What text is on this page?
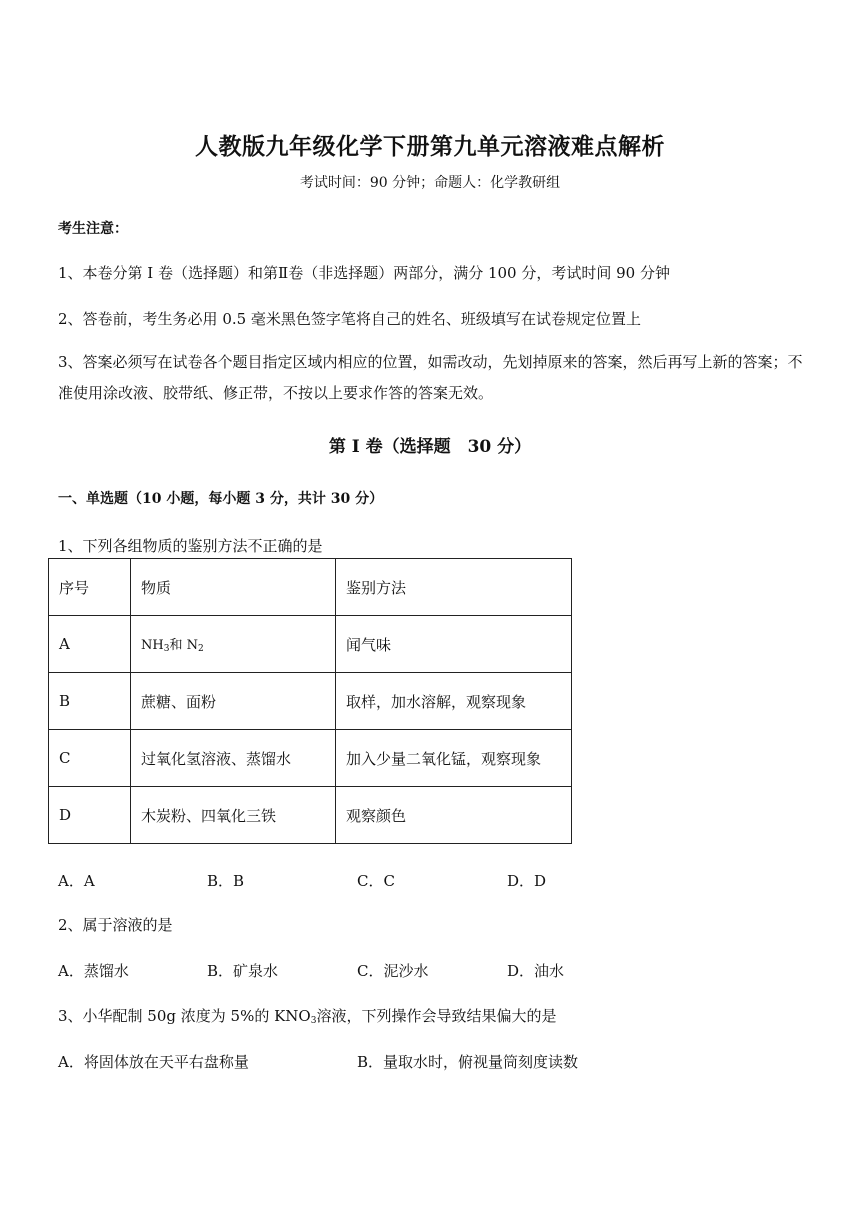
人教版九年级化学下册第九单元溶液难点解析
考试时间：90 分钟；命题人：化学教研组
考生注意：
1、本卷分第 I 卷（选择题）和第Ⅱ卷（非选择题）两部分，满分 100 分，考试时间 90 分钟
2、答卷前，考生务必用 0.5 毫米黑色签字笔将自己的姓名、班级填写在试卷规定位置上
3、答案必须写在试卷各个题目指定区域内相应的位置，如需改动，先划掉原来的答案，然后再写上新的答案；不准使用涂改液、胶带纸、修正带，不按以上要求作答的答案无效。
第 I 卷（选择题　30 分）
一、单选题（10 小题，每小题 3 分，共计 30 分）
1、下列各组物质的鉴别方法不正确的是
序号	物质	鉴别方法
A	$NH_3$和 $N_2$	闻气味
B	蔗糖、面粉	取样，加水溶解，观察现象
C	过氧化氢溶液、蒸馏水	加入少量二氧化锰，观察现象
D	木炭粉、四氧化三铁	观察颜色
A．A	B．B	C．C	D．D
2、属于溶液的是
A．蒸馏水	B．矿泉水	C．泥沙水	D．油水
3、小华配制 50g 浓度为 5%的 $KNO_3$溶液，下列操作会导致结果偏大的是
A．将固体放在天平右盘称量	B．量取水时，俯视量筒刻度读数
